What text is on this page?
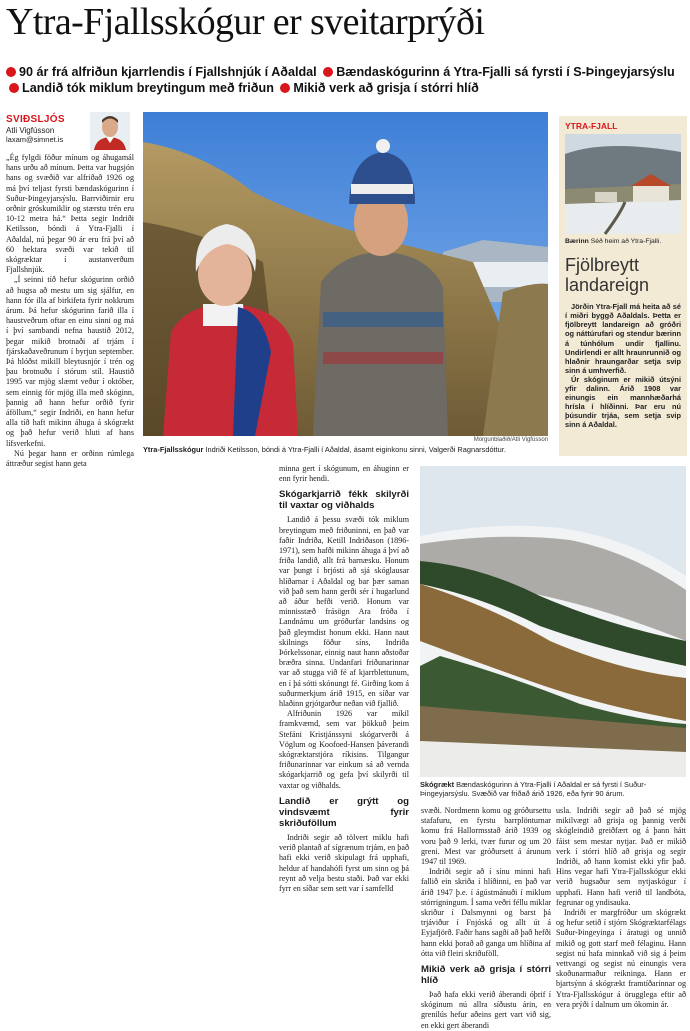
Ytra-Fjallsskógur er sveitarprýði
90 ár frá alfriðun kjarrlendis í Fjallshnjúk í Aðaldal Bændaskógurinn á Ytra-Fjalli sá fyrsti í S-Þingeyjarsýslu Landið tók miklum breytingum með friðun Mikið verk að grisja í stórri hlíð
SVIÐSLJÓS
Atli Vigfússon
laxam@simnet.is

„Ég fylgdi föður mínum og áhugamál hans urðu að mínum. Þetta var hugsjón hans og svæðið var alfriðað 1926 og má því teljast fyrsti bændaskógurinn í Suður-Þingeyjarsýslu. Barrviðirnir eru orðnir gróskumiklir og stærstu trén eru 10-12 metra há.“ Þetta segir Indriði Ketilsson, bóndi á Ytra-Fjalli í Aðaldal, nú þegar 90 ár eru frá því að 60 hektara svæði var tekið til skógræktar í austanverðum Fjallshnjúk.

„Í seinni tíð hefur skógurinn orðið að hugsa að mestu um sig sjálfur, en hann fór illa af birkifeta fyrir nokkrum árum. Þá hefur skógurinn farið illa í haustveðrum oftar en einu sinni og má í því sambandi nefna haustið 2012, þegar mikið brotnaði af trjám í fjárskaðaveðrunum í byrjun september. Þá hlóðst mikill bleytusnjór í trén og þau brotnuðu í stórum stíl. Haustið 1995 var mjög slæmt veður í október, sem einnig fór mjög illa með skóginn, þannig að hann hefur orðið fyrir áföllum,“ segir Indriði, en hann hefur alla tíð haft mikinn áhuga á skógrækt og það hefur verið hluti af hans lífsverkefni.

Nú þegar hann er orðinn rúmlega áttræður segist hann geta

Morgunblaðið/Atli Vigfússon
Ytra-Fjallsskógur Indriði Ketilsson, bóndi á Ytra-Fjalli í Aðaldal, ásamt eiginkonu sinni, Valgerði Ragnarsdóttur.
YTRA-FJALL
Bærinn Séð heim að Ytra-Fjalli.
Fjölbreytt landareign

Jörðin Ytra-Fjall má heita að sé í miðri byggð Aðaldals. Þetta er fjölbreytt landareign að gróðri og náttúrufari og stendur bærinn á túnhólum undir fjallinu. Undirlendi er allt hraunrunnið og hlaðnir hraungarðar setja svip sinn á umhverfið.

Úr skóginum er mikið útsýni yfir dalinn. Árið 1908 var einungis ein mannhæðarhá hrísla í hlíðinni. Þar eru nú þúsundir trjáa, sem setja svip sinn á Aðaldal.

minna gert í skógunum, en áhuginn er enn fyrir hendi.

Skógarkjarrið fékk skilyrði til vaxtar og viðhalds

Landið á þessu svæði tók miklum breytingum með friðuninni, en það var faðir Indriða, Ketill Indriðason (1896-1971), sem hafði mikinn áhuga á því að friða landið, allt frá barnæsku. Honum var þungt í brjósti að sjá skóglausar hlíðarnar í Aðaldal og bar þær saman við það sem hann gerði sér í hugarlund að áður hefði verið. Honum var minnisstæð frásögn Ara fróða í Landnámu um gróðurfar landsins og það gleymdist honum ekki. Hann naut skilnings föður síns, Indriða Þórkelssonar, einnig naut hann aðstoðar bræðra sinna. Undanfari friðunarinnar var að stugga við fé af kjarrblettunum, en í þá sótti skónungt fé. Girðing kom á suðurmerkjum árið 1915, en síðar var hlaðinn grjótgarður neðan við fjallið.

Alfriðunin 1926 var mikil framkvæmd, sem var þökkuð þeim Stefáni Kristjánssyni skógarverði á Vöglum og Koofoed-Hansen þáverandi skógræktarstjóra ríkisins. Tilgangur friðunarinnar var einkum sá að vernda skógarkjarrið og gefa því skilyrði til vaxtar og viðhalds.

Landið er grýtt og vindsvæmt fyrir skriðuföllum

Indriði segir að tölvert miklu hafi verið plantað af sígrænum trjám, en það hafi ekki verið skipulagt frá upphafi, heldur af handahófi fyrst um sinn og þá reynt að velja bestu staði. Það var ekki fyrr en síðar sem sett var í samfelld

Skógrækt Bændaskógurinn á Ytra-Fjalli í Aðaldal er sá fyrsti í Suður-Þingeyjarsýslu. Svæðið var friðað árið 1926, eða fyrir 90 árum.

svæði. Nordmenn komu og gróðursettu stafafuru, en fyrstu barrplönturnar komu frá Hallormsstað árið 1939 og voru það 9 lerki, tvær furur og um 20 greni. Mest var gróðursett á árunum 1947 til 1969.

Indriði segir að í sínu minni hafi fallið ein skriða í hlíðinni, en það var árið 1947 þ.e. í ágústmánuði í miklum stórrigningum. Í sama veðri féllu miklar skriður í Dalsmynni og barst þá trjáviður í Fnjóská og allt út á Eyjafjörð. Faðir hans sagði að það hefði hann ekki þorað að ganga um hlíðina af ótta við fleiri skriðuföll.

Mikið verk að grisja í stórri hlíð

Það hafa ekki verið áberandi óþrif í skóginum nú allra síðustu árin, en grenilús hefur aðeins gert vart við sig, en ekki gert áberandi

usla. Indriði segir að það sé mjög mikilvægt að grisja og þannig verði skógleindið greiðfært og á þann hátt fáist sem mestar nytjar. Það er mikið verk í stórri hlíð að grisja og segir Indriði, að hann komist ekki yfir það. Hins vegar hafi Ytra-Fjallsskógur ekki verið hugsaður sem nytjaskógur í upphafi. Hann hafi verið til landbóta, fegrunar og yndisauka.

Indriði er margfróður um skógrækt og hefur setið í stjórn Skógræktarfélags Suður-Þingeyinga í áratugi og unnið mikið og gott starf með félaginu. Hann segist nú hafa minnkað við sig á þeim vettvangi og segist nú einungis vera skoðunarmaður reikninga. Hann er bjartsýnn á skógrækt framtíðarinnar og Ytra-Fjallsskógur á örugglega eftir að vera prýði í dalnum um ókomin ár.
